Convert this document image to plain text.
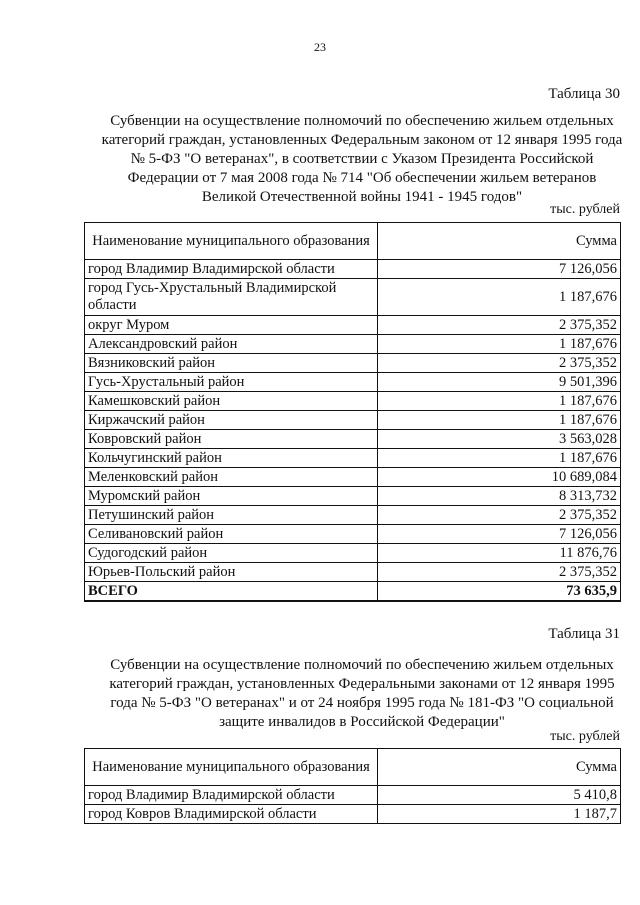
23
Таблица 30
Субвенции на осуществление полномочий по обеспечению жильем отдельных
категорий граждан, установленных Федеральным законом от 12 января 1995 года
№ 5-ФЗ "О ветеранах", в соответствии с Указом Президента Российской
Федерации от 7 мая 2008 года № 714 "Об обеспечении жильем ветеранов
Великой Отечественной войны 1941 - 1945 годов"
тыс. рублей
Наименование муниципального образования	Сумма
город Владимир Владимирской области	7 126,056
город Гусь-Хрустальный Владимирской области	1 187,676
округ Муром	2 375,352
Александровский район	1 187,676
Вязниковский район	2 375,352
Гусь-Хрустальный район	9 501,396
Камешковский район	1 187,676
Киржачский район	1 187,676
Ковровский район	3 563,028
Кольчугинский район	1 187,676
Меленковский район	10 689,084
Муромский район	8 313,732
Петушинский район	2 375,352
Селивановский район	7 126,056
Судогодский район	11 876,76
Юрьев-Польский район	2 375,352
ВСЕГО	73 635,9
Таблица 31
Субвенции на осуществление полномочий по обеспечению жильем отдельных
категорий граждан, установленных Федеральными законами от 12 января 1995
года № 5-ФЗ "О ветеранах" и от 24 ноября 1995 года № 181-ФЗ "О социальной
защите инвалидов в Российской Федерации"
тыс. рублей
Наименование муниципального образования	Сумма
город Владимир Владимирской области	5 410,8
город Ковров Владимирской области	1 187,7
